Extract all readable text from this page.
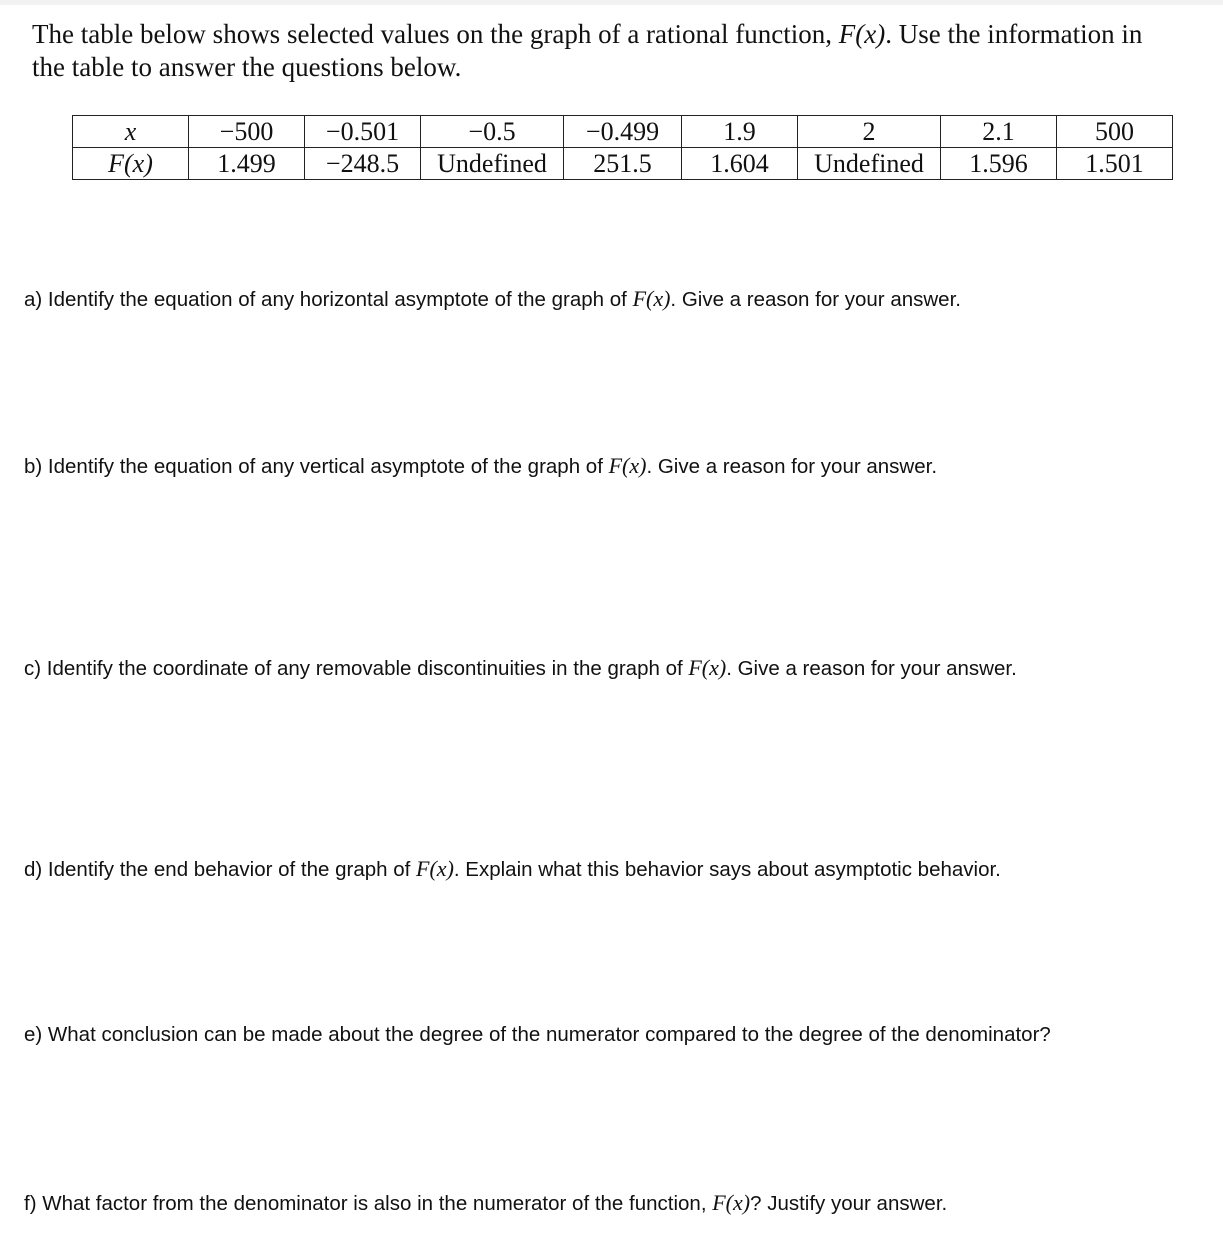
The table below shows selected values on the graph of a rational function, F(x). Use the information in
the table to answer the questions below.

x	−500	−0.501	−0.5	−0.499	1.9	2	2.1	500
F(x)	1.499	−248.5	Undefined	251.5	1.604	Undefined	1.596	1.501

a) Identify the equation of any horizontal asymptote of the graph of F(x). Give a reason for your answer.

b) Identify the equation of any vertical asymptote of the graph of F(x). Give a reason for your answer.

c) Identify the coordinate of any removable discontinuities in the graph of F(x). Give a reason for your answer.

d) Identify the end behavior of the graph of F(x). Explain what this behavior says about asymptotic behavior.

e) What conclusion can be made about the degree of the numerator compared to the degree of the denominator?

f) What factor from the denominator is also in the numerator of the function, F(x)? Justify your answer.
